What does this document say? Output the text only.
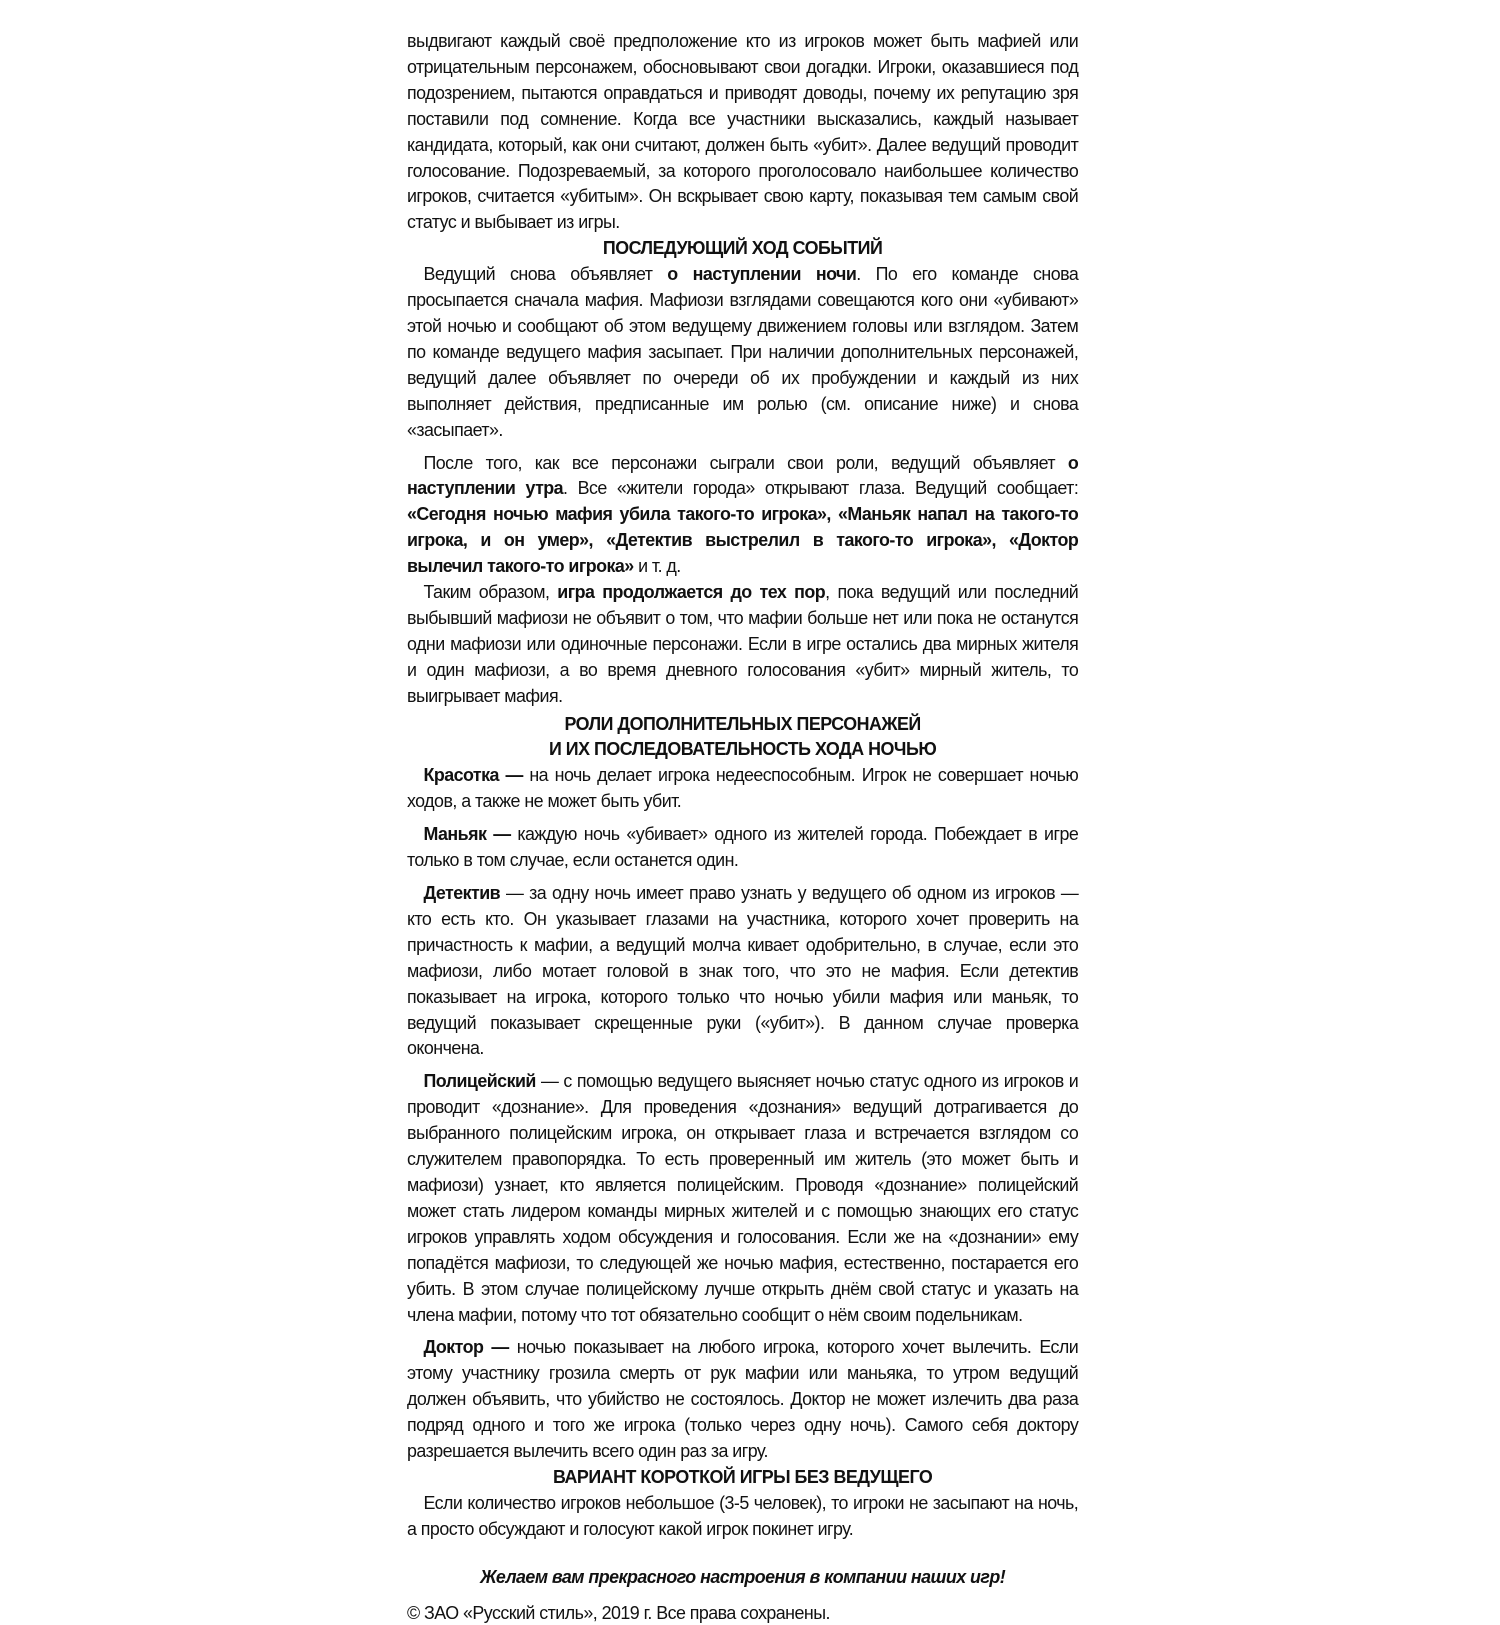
выдвигают каждый своё предположение кто из игроков может быть мафией или отрицательным персонажем, обосновывают свои догадки. Игроки, оказавшиеся под подозрением, пытаются оправдаться и приводят доводы, почему их репутацию зря поставили под сомнение. Когда все участники высказались, каждый называет кандидата, который, как они считают, должен быть «убит». Далее ведущий проводит голосование. Подозреваемый, за которого проголосовало наибольшее количество игроков, считается «убитым». Он вскрывает свою карту, показывая тем самым свой статус и выбывает из игры.

ПОСЛЕДУЮЩИЙ ХОД СОБЫТИЙ

Ведущий снова объявляет о наступлении ночи. По его команде снова просыпается сначала мафия. Мафиози взглядами совещаются кого они «убивают» этой ночью и сообщают об этом ведущему движением головы или взглядом. Затем по команде ведущего мафия засыпает. При наличии дополнительных персонажей, ведущий далее объявляет по очереди об их пробуждении и каждый из них выполняет действия, предписанные им ролью (см. описание ниже) и снова «засыпает».

После того, как все персонажи сыграли свои роли, ведущий объявляет о наступлении утра. Все «жители города» открывают глаза. Ведущий сообщает: «Сегодня ночью мафия убила такого-то игрока», «Маньяк напал на такого-то игрока, и он умер», «Детектив выстрелил в такого-то игрока», «Доктор вылечил такого-то игрока» и т. д.

Таким образом, игра продолжается до тех пор, пока ведущий или последний выбывший мафиози не объявит о том, что мафии больше нет или пока не останутся одни мафиози или одиночные персонажи. Если в игре остались два мирных жителя и один мафиози, а во время дневного голосования «убит» мирный житель, то выигрывает мафия.

РОЛИ ДОПОЛНИТЕЛЬНЫХ ПЕРСОНАЖЕЙ
И ИХ ПОСЛЕДОВАТЕЛЬНОСТЬ ХОДА НОЧЬЮ

Красотка — на ночь делает игрока недееспособным. Игрок не совершает ночью ходов, а также не может быть убит.

Маньяк — каждую ночь «убивает» одного из жителей города. Побеждает в игре только в том случае, если останется один.

Детектив — за одну ночь имеет право узнать у ведущего об одном из игроков — кто есть кто. Он указывает глазами на участника, которого хочет проверить на причастность к мафии, а ведущий молча кивает одобрительно, в случае, если это мафиози, либо мотает головой в знак того, что это не мафия. Если детектив показывает на игрока, которого только что ночью убили мафия или маньяк, то ведущий показывает скрещенные руки («убит»). В данном случае проверка окончена.

Полицейский — с помощью ведущего выясняет ночью статус одного из игроков и проводит «дознание». Для проведения «дознания» ведущий дотрагивается до выбранного полицейским игрока, он открывает глаза и встречается взглядом со служителем правопорядка. То есть проверенный им житель (это может быть и мафиози) узнает, кто является полицейским. Проводя «дознание» полицейский может стать лидером команды мирных жителей и с помощью знающих его статус игроков управлять ходом обсуждения и голосования. Если же на «дознании» ему попадётся мафиози, то следующей же ночью мафия, естественно, постарается его убить. В этом случае полицейскому лучше открыть днём свой статус и указать на члена мафии, потому что тот обязательно сообщит о нём своим подельникам.

Доктор — ночью показывает на любого игрока, которого хочет вылечить. Если этому участнику грозила смерть от рук мафии или маньяка, то утром ведущий должен объявить, что убийство не состоялось. Доктор не может излечить два раза подряд одного и того же игрока (только через одну ночь). Самого себя доктору разрешается вылечить всего один раз за игру.

ВАРИАНТ КОРОТКОЙ ИГРЫ БЕЗ ВЕДУЩЕГО

Если количество игроков небольшое (3-5 человек), то игроки не засыпают на ночь, а просто обсуждают и голосуют какой игрок покинет игру.

Желаем вам прекрасного настроения в компании наших игр!

© ЗАО «Русский стиль», 2019 г. Все права сохранены.
